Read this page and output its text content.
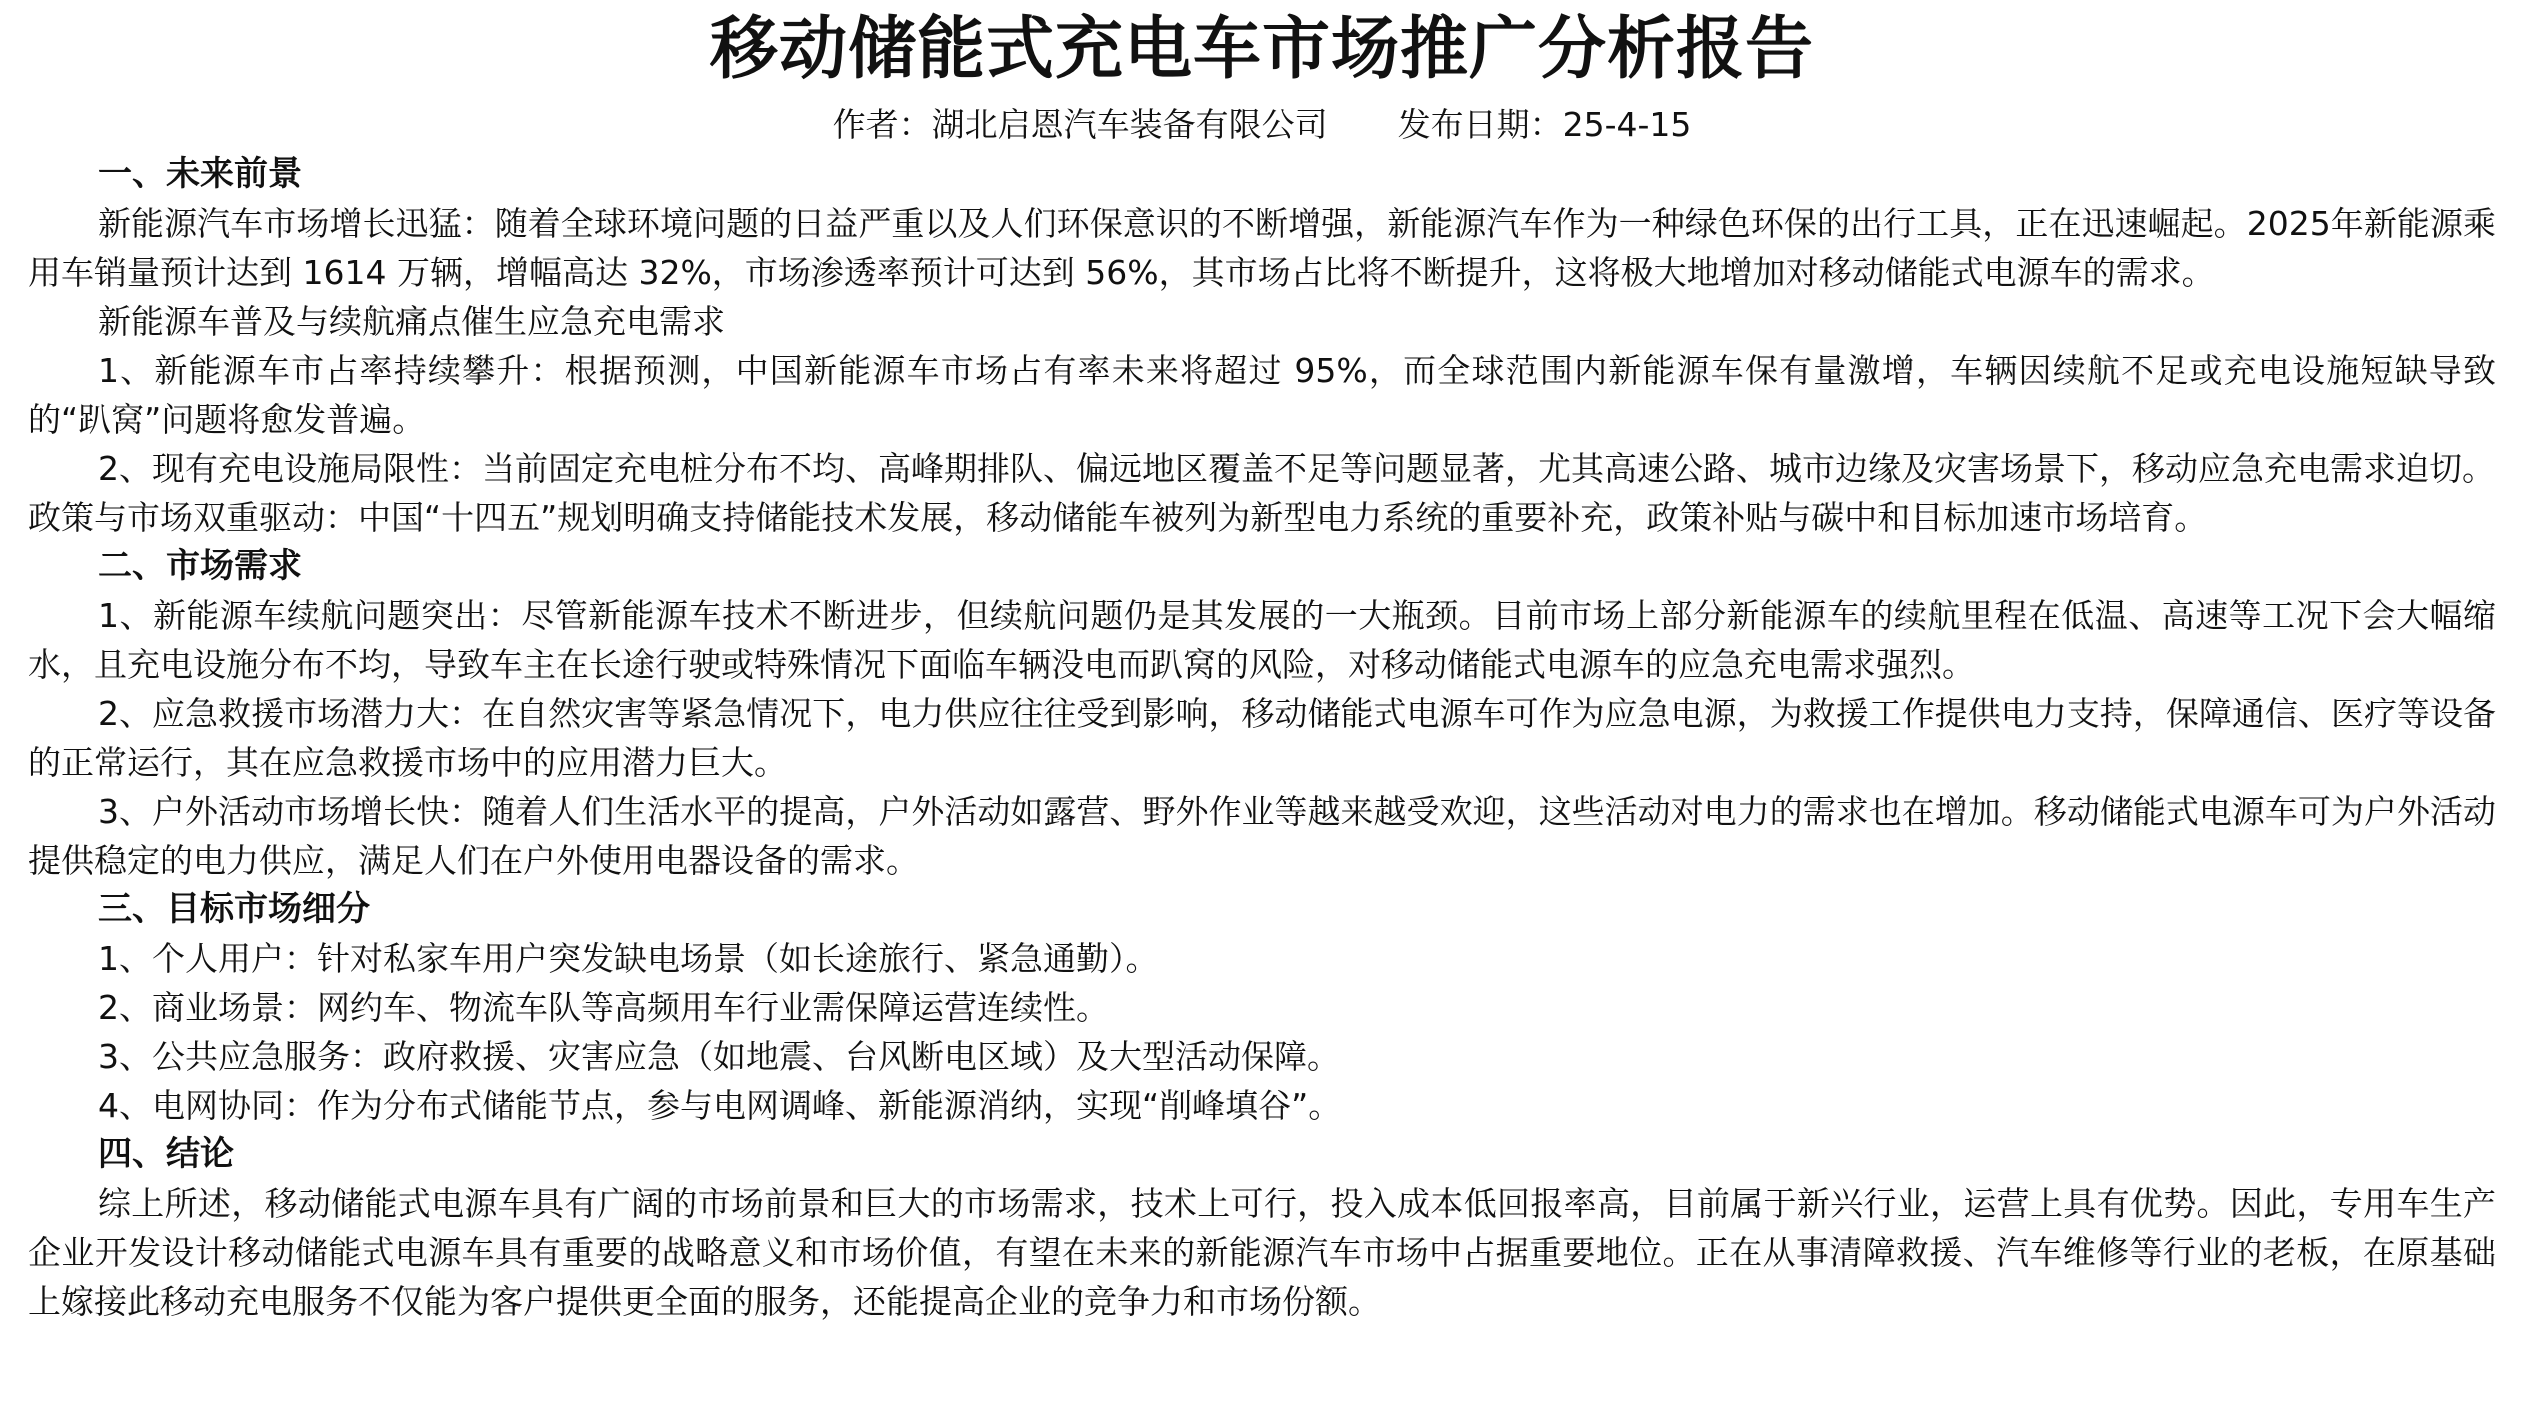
移动储能式充电车市场推广分析报告
作者：湖北启恩汽车装备有限公司 发布日期：25-4-15
一、未来前景

新能源汽车市场增长迅猛：随着全球环境问题的日益严重以及人们环保意识的不断增强，新能源汽车作为一种绿色环保的出行工具，正在迅速崛起。2025年新能源乘用车销量预计达到 1614 万辆，增幅高达 32%，市场渗透率预计可达到 56%，其市场占比将不断提升，这将极大地增加对移动储能式电源车的需求。

新能源车普及与续航痛点催生应急充电需求

1、新能源车市占率持续攀升：根据预测，中国新能源车市场占有率未来将超过 95%，而全球范围内新能源车保有量激增，车辆因续航不足或充电设施短缺导致的“趴窝”问题将愈发普遍。

2、现有充电设施局限性：当前固定充电桩分布不均、高峰期排队、偏远地区覆盖不足等问题显著，尤其高速公路、城市边缘及灾害场景下，移动应急充电需求迫切。

政策与市场双重驱动：中国“十四五”规划明确支持储能技术发展，移动储能车被列为新型电力系统的重要补充，政策补贴与碳中和目标加速市场培育。

二、市场需求

1、新能源车续航问题突出：尽管新能源车技术不断进步，但续航问题仍是其发展的一大瓶颈。目前市场上部分新能源车的续航里程在低温、高速等工况下会大幅缩水，且充电设施分布不均，导致车主在长途行驶或特殊情况下面临车辆没电而趴窝的风险，对移动储能式电源车的应急充电需求强烈。

2、应急救援市场潜力大：在自然灾害等紧急情况下，电力供应往往受到影响，移动储能式电源车可作为应急电源，为救援工作提供电力支持，保障通信、医疗等设备的正常运行，其在应急救援市场中的应用潜力巨大。

3、户外活动市场增长快：随着人们生活水平的提高，户外活动如露营、野外作业等越来越受欢迎，这些活动对电力的需求也在增加。移动储能式电源车可为户外活动提供稳定的电力供应，满足人们在户外使用电器设备的需求。

三、目标市场细分

1、个人用户：针对私家车用户突发缺电场景（如长途旅行、紧急通勤）。

2、商业场景：网约车、物流车队等高频用车行业需保障运营连续性。

3、公共应急服务：政府救援、灾害应急（如地震、台风断电区域）及大型活动保障。

4、电网协同：作为分布式储能节点，参与电网调峰、新能源消纳，实现“削峰填谷”。

四、结论

综上所述，移动储能式电源车具有广阔的市场前景和巨大的市场需求，技术上可行，投入成本低回报率高，目前属于新兴行业，运营上具有优势。因此，专用车生产企业开发设计移动储能式电源车具有重要的战略意义和市场价值，有望在未来的新能源汽车市场中占据重要地位。正在从事清障救援、汽车维修等行业的老板，在原基础上嫁接此移动充电服务不仅能为客户提供更全面的服务，还能提高企业的竞争力和市场份额。
